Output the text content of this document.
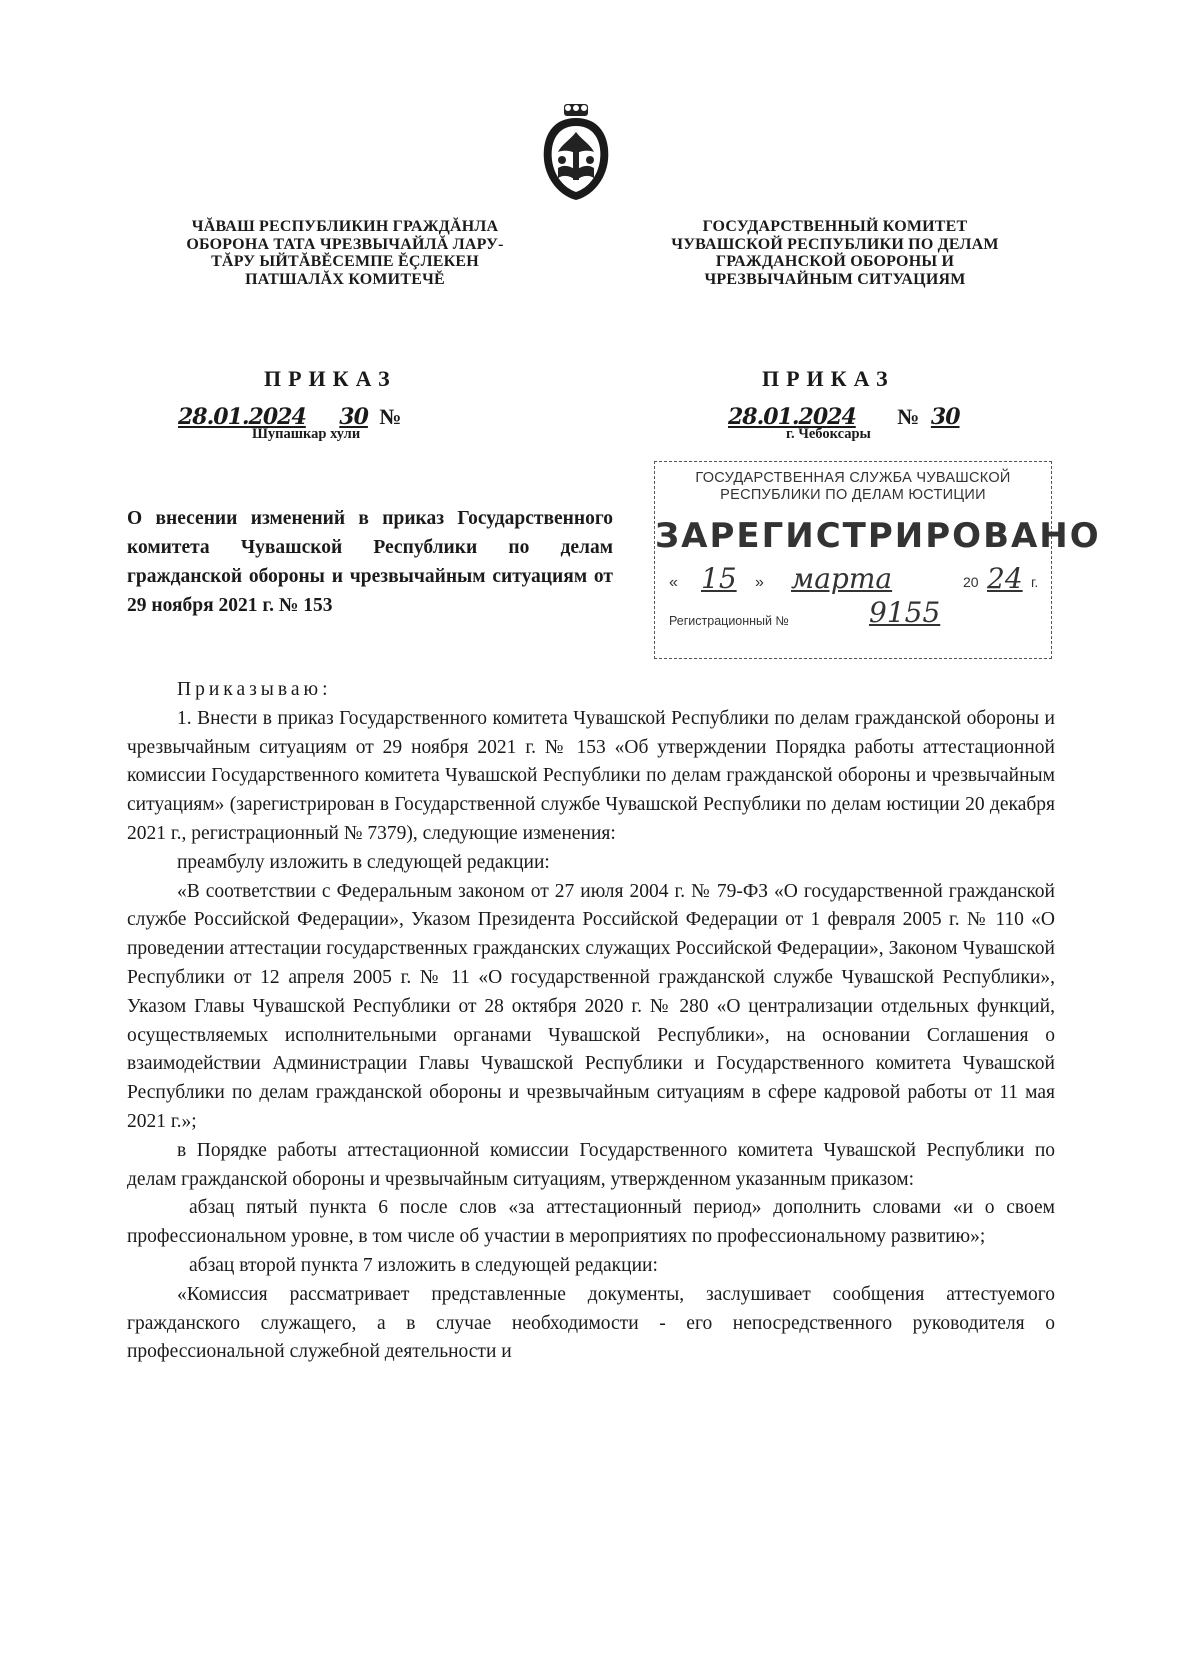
ЧĂВАШ РЕСПУБЛИКИН ГРАЖДĂНЛА ОБОРОНА ТАТА ЧРЕЗВЫЧАЙЛĂ ЛАРУ-ТĂРУ ЫЙТĂВĔСЕМПЕ ĔÇЛЕКЕН ПАТШАЛĂХ КОМИТЕЧĔ
ГОСУДАРСТВЕННЫЙ КОМИТЕТ ЧУВАШСКОЙ РЕСПУБЛИКИ ПО ДЕЛАМ ГРАЖДАНСКОЙ ОБОРОНЫ И ЧРЕЗВЫЧАЙНЫМ СИТУАЦИЯМ
ПРИКАЗ	ПРИКАЗ
28.01.2024 30 №	28.01.2024 № 30
Шупашкар хули	г. Чебоксары
ГОСУДАРСТВЕННАЯ СЛУЖБА ЧУВАШСКОЙ РЕСПУБЛИКИ ПО ДЕЛАМ ЮСТИЦИИ
ЗАРЕГИСТРИРОВАНО
« 15 » марта	20 24 г.
Регистрационный №	9155
О внесении изменений в приказ Государственного комитета Чувашской Республики по делам гражданской обороны и чрезвычайным ситуациям от 29 ноября 2021 г. № 153

Приказываю:

1. Внести в приказ Государственного комитета Чувашской Республики по делам гражданской обороны и чрезвычайным ситуациям от 29 ноября 2021 г. № 153 «Об утверждении Порядка работы аттестационной комиссии Государственного комитета Чувашской Республики по делам гражданской обороны и чрезвычайным ситуациям» (зарегистрирован в Государственной службе Чувашской Республики по делам юстиции 20 декабря 2021 г., регистрационный № 7379), следующие изменения:

преамбулу изложить в следующей редакции:

«В соответствии с Федеральным законом от 27 июля 2004 г. № 79-ФЗ «О государственной гражданской службе Российской Федерации», Указом Президента Российской Федерации от 1 февраля 2005 г. № 110 «О проведении аттестации государственных гражданских служащих Российской Федерации», Законом Чувашской Республики от 12 апреля 2005 г. № 11 «О государственной гражданской службе Чувашской Республики», Указом Главы Чувашской Республики от 28 октября 2020 г. № 280 «О централизации отдельных функций, осуществляемых исполнительными органами Чувашской Республики», на основании Соглашения о взаимодействии Администрации Главы Чувашской Республики и Государственного комитета Чувашской Республики по делам гражданской обороны и чрезвычайным ситуациям в сфере кадровой работы от 11 мая 2021 г.»;

в Порядке работы аттестационной комиссии Государственного комитета Чувашской Республики по делам гражданской обороны и чрезвычайным ситуациям, утвержденном указанным приказом:

абзац пятый пункта 6 после слов «за аттестационный период» дополнить словами «и о своем профессиональном уровне, в том числе об участии в мероприятиях по профессиональному развитию»;

абзац второй пункта 7 изложить в следующей редакции:

«Комиссия рассматривает представленные документы, заслушивает сообщения аттестуемого гражданского служащего, а в случае необходимости - его непосредственного руководителя о профессиональной служебной деятельности и
